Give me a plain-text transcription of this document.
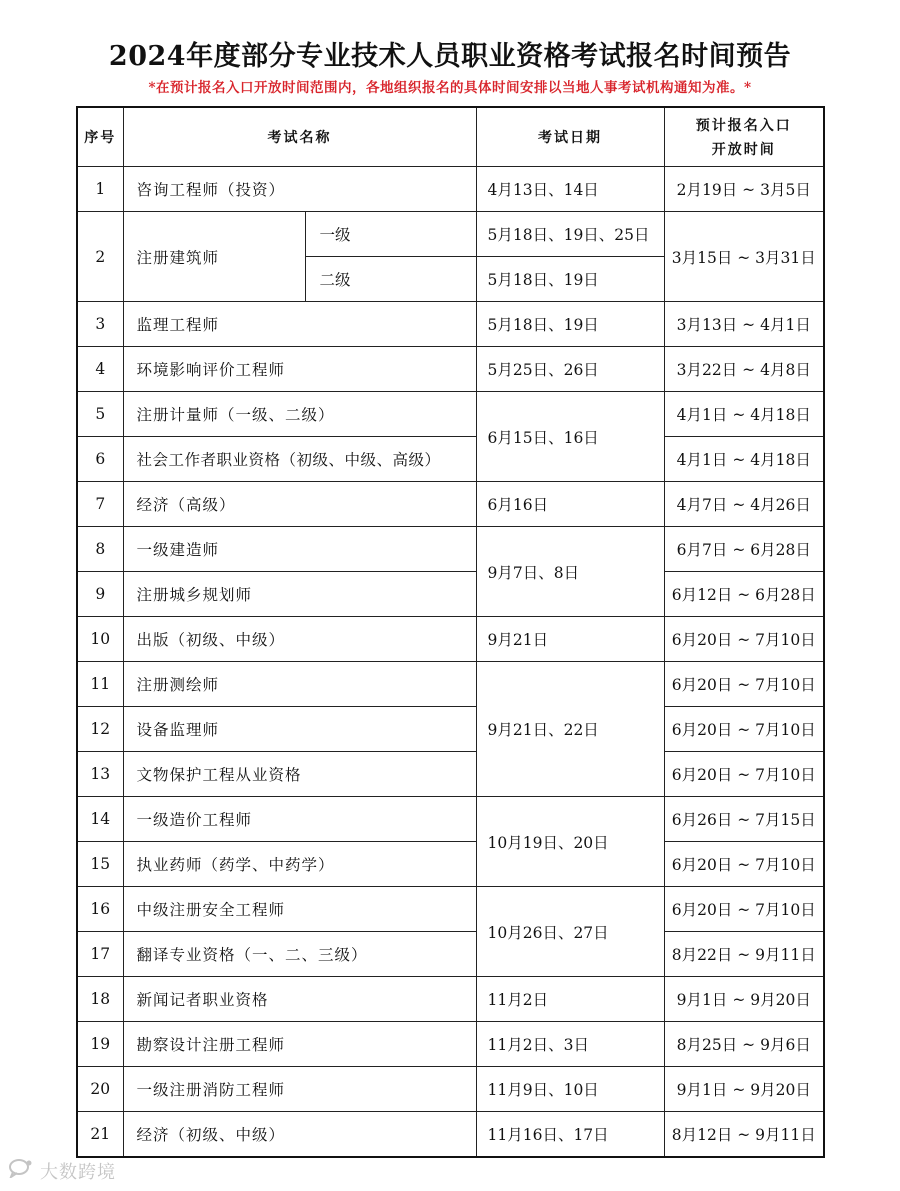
2024年度部分专业技术人员职业资格考试报名时间预告
*在预计报名入口开放时间范围内，各地组织报名的具体时间安排以当地人事考试机构通知为准。*
序号	考试名称		考试日期	预计报名入口
开放时间

1	咨询工程师（投资）		4月13日、14日	2月19日 ~ 3月5日
2	注册建筑师	一级	5月18日、19日、25日	3月15日 ~ 3月31日
		二级	5月18日、19日	
3	监理工程师		5月18日、19日	3月13日 ~ 4月1日
4	环境影响评价工程师		5月25日、26日	3月22日 ~ 4月8日
5	注册计量师（一级、二级）		6月15日、16日	4月1日 ~ 4月18日
6	社会工作者职业资格（初级、中级、高级）			4月1日 ~ 4月18日
7	经济（高级）		6月16日	4月7日 ~ 4月26日
8	一级建造师		9月7日、8日	6月7日 ~ 6月28日
9	注册城乡规划师			6月12日 ~ 6月28日
10	出版（初级、中级）		9月21日	6月20日 ~ 7月10日
11	注册测绘师		9月21日、22日	6月20日 ~ 7月10日
12	设备监理师			6月20日 ~ 7月10日
13	文物保护工程从业资格			6月20日 ~ 7月10日
14	一级造价工程师		10月19日、20日	6月26日 ~ 7月15日
15	执业药师（药学、中药学）			6月20日 ~ 7月10日
16	中级注册安全工程师		10月26日、27日	6月20日 ~ 7月10日
17	翻译专业资格（一、二、三级）			8月22日 ~ 9月11日
18	新闻记者职业资格		11月2日	9月1日 ~ 9月20日
19	勘察设计注册工程师		11月2日、3日	8月25日 ~ 9月6日
20	一级注册消防工程师		11月9日、10日	9月1日 ~ 9月20日
21	经济（初级、中级）		11月16日、17日	8月12日 ~ 9月11日
大数跨境
